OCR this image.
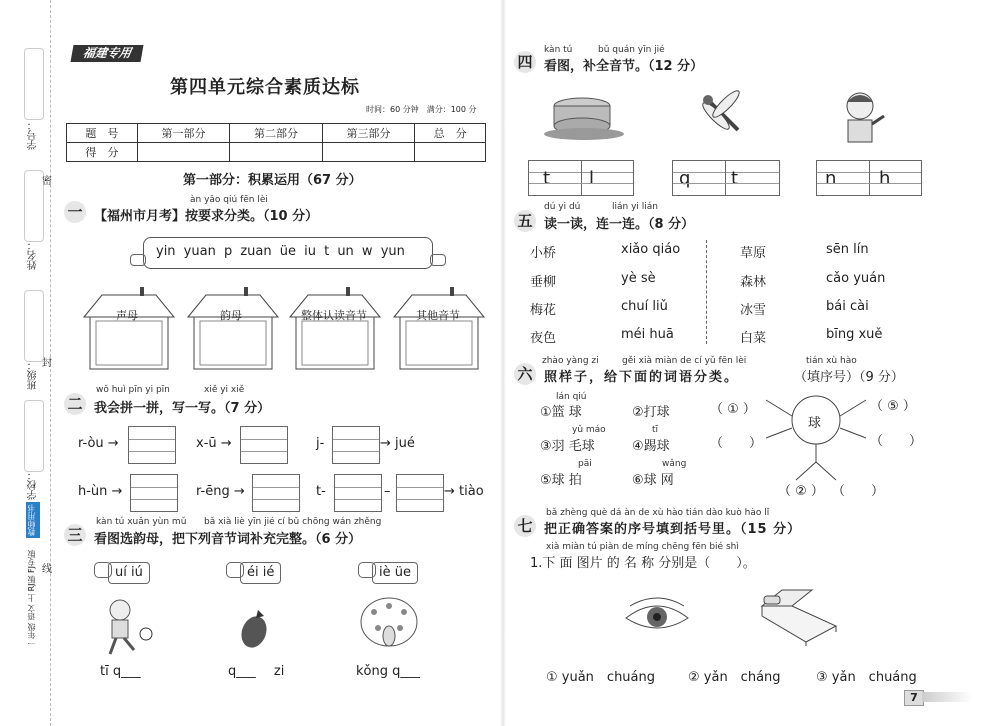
学号：
姓名：
班级：
学校：
密
封
线
教师用书
一年级 语文 上 RJ版 FJ专版
福建专用
第四单元综合素质达标
时间：60 分钟　满分：100 分
题　号	第一部分	第二部分	第三部分	总　分
得　分				
第一部分：积累运用（67 分）
àn yāo qiú fēn lèi
一 【福州市月考】按要求分类。（10 分）
yin yuan p zuan üe iu t un w yun
声母	韵母	整体认读音节	其他音节
wǒ huì pīn yi pīn	xiě yi xiě
二 我会拼一拼，写一写。（7 分）
r-òu →	x-ū →	j-	→ jué
h-ùn →	r-ēng →	t-	–	→ tiào
kàn tú xuǎn yùn mǔ bǎ xià liè yīn jié cí bǔ chōng wán zhěng
三 看图选韵母，把下列音节词补充完整。（6 分）
uí iú	éi ié	iè üe
tī q___	q___ zi	kǒng q___
kàn tú	bǔ quán yīn jié
四 看图，补全音节。（12 分）
t l	q t	n h
dú yi dú	lián yi lián
五 读一读，连一连。（8 分）
小桥
垂柳
梅花
夜色
xiǎo qiáo
yè sè
chuí liǔ
méi huā
草原
森林
冰雪
白菜
sēn lín
cǎo yuán
bái cài
bīng xuě
zhào yàng zi	gěi xià miàn de cí yǔ fēn lèi	tián xù hào
六 照样子，给下面的词语分类。	（填序号）（9 分）
lán qiú
①篮 球	②打球
yǔ máo
③羽 毛球
tī
④踢球
pāi
⑤球 拍
wǎng
⑥球 网
球
（ ① ）
（　　）
（ ⑤ ）
（　　）
（ ② ） （　　）
bǎ zhèng què dá àn de xù hào tián dào kuò hào lǐ
七 把正确答案的序号填到括号里。（15 分）
xià miàn tú piàn de míng chēng fēn bié shì
1.下 面 图片 的 名 称 分别是（　　）。
① yuǎn　chuáng	② yǎn　cháng	③ yǎn　chuáng
7
